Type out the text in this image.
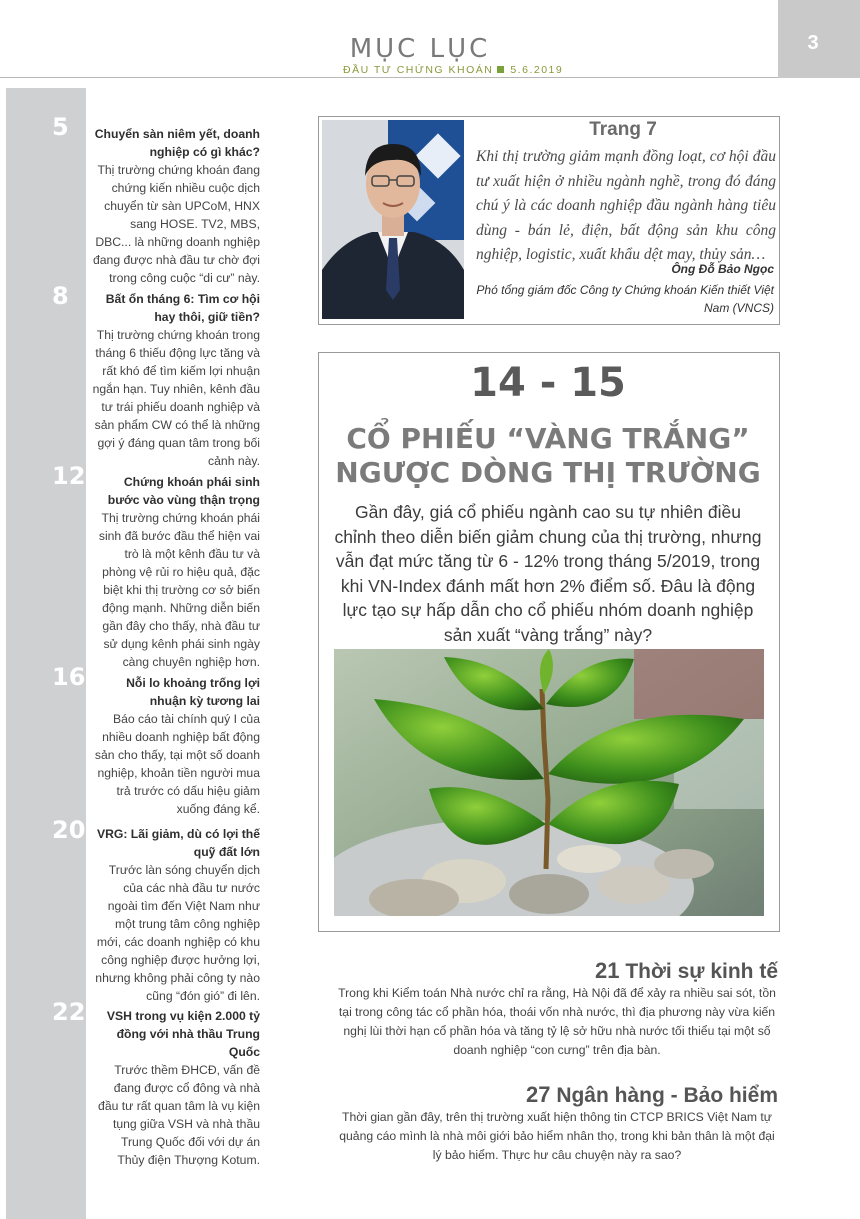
MỤC LỤC
ĐẦU TƯ CHỨNG KHOÁN 5.6.2019
3
5	Chuyển sàn niêm yết, doanh nghiệp có gì khác?
Thị trường chứng khoán đang chứng kiến nhiều cuộc dịch chuyển từ sàn UPCoM, HNX sang HOSE. TV2, MBS, DBC... là những doanh nghiệp đang được nhà đầu tư chờ đợi trong công cuộc “di cư” này.
8	Bất ổn tháng 6: Tìm cơ hội hay thôi, giữ tiền?
Thị trường chứng khoán trong tháng 6 thiếu động lực tăng và rất khó để tìm kiếm lợi nhuận ngắn hạn. Tuy nhiên, kênh đầu tư trái phiếu doanh nghiệp và sản phẩm CW có thể là những gợi ý đáng quan tâm trong bối cảnh này.
12	Chứng khoán phái sinh bước vào vùng thận trọng
Thị trường chứng khoán phái sinh đã bước đầu thể hiện vai trò là một kênh đầu tư và phòng vệ rủi ro hiệu quả, đặc biệt khi thị trường cơ sở biến động mạnh. Những diễn biến gần đây cho thấy, nhà đầu tư sử dụng kênh phái sinh ngày càng chuyên nghiệp hơn.
16	Nỗi lo khoảng trống lợi nhuận kỳ tương lai
Báo cáo tài chính quý I của nhiều doanh nghiệp bất động sản cho thấy, tại một số doanh nghiệp, khoản tiền người mua trả trước có dấu hiệu giảm xuống đáng kể.
20 VRG: Lãi giảm, dù có lợi thế quỹ đất lớn
Trước làn sóng chuyển dịch của các nhà đầu tư nước ngoài tìm đến Việt Nam như một trung tâm công nghiệp mới, các doanh nghiệp có khu công nghiệp được hưởng lợi, nhưng không phải công ty nào cũng “đón gió” đi lên.
22	VSH trong vụ kiện 2.000 tỷ đồng với nhà thầu Trung Quốc
Trước thềm ĐHCĐ, vấn đề đang được cổ đông và nhà đầu tư rất quan tâm là vụ kiện tụng giữa VSH và nhà thầu Trung Quốc đối với dự án Thủy điện Thượng Kotum.
Trang 7
Khi thị trường giảm mạnh đồng loạt, cơ hội đầu tư xuất hiện ở nhiều ngành nghề, trong đó đáng chú ý là các doanh nghiệp đầu ngành hàng tiêu dùng - bán lẻ, điện, bất động sản khu công nghiệp, logistic, xuất khẩu dệt may, thủy sản…
Ông Đỗ Bảo Ngọc
Phó tổng giám đốc Công ty Chứng khoán Kiến thiết Việt Nam (VNCS)
14 - 15
CỔ PHIẾU “VÀNG TRẮNG”
NGƯỢC DÒNG THỊ TRƯỜNG
Gần đây, giá cổ phiếu ngành cao su tự nhiên điều chỉnh theo diễn biến giảm chung của thị trường, nhưng vẫn đạt mức tăng từ 6 - 12% trong tháng 5/2019, trong khi VN-Index đánh mất hơn 2% điểm số. Đâu là động lực tạo sự hấp dẫn cho cổ phiếu nhóm doanh nghiệp sản xuất “vàng trắng” này?
21 Thời sự kinh tế
Trong khi Kiểm toán Nhà nước chỉ ra rằng, Hà Nội đã để xảy ra nhiều sai sót, tồn tại trong công tác cổ phần hóa, thoái vốn nhà nước, thì địa phương này vừa kiến nghị lùi thời hạn cổ phần hóa và tăng tỷ lệ sở hữu nhà nước tối thiểu tại một số doanh nghiệp “con cưng” trên địa bàn.
27 Ngân hàng - Bảo hiểm
Thời gian gần đây, trên thị trường xuất hiện thông tin CTCP BRICS Việt Nam tự quảng cáo mình là nhà môi giới bảo hiểm nhân thọ, trong khi bản thân là một đại lý bảo hiểm. Thực hư câu chuyện này ra sao?
